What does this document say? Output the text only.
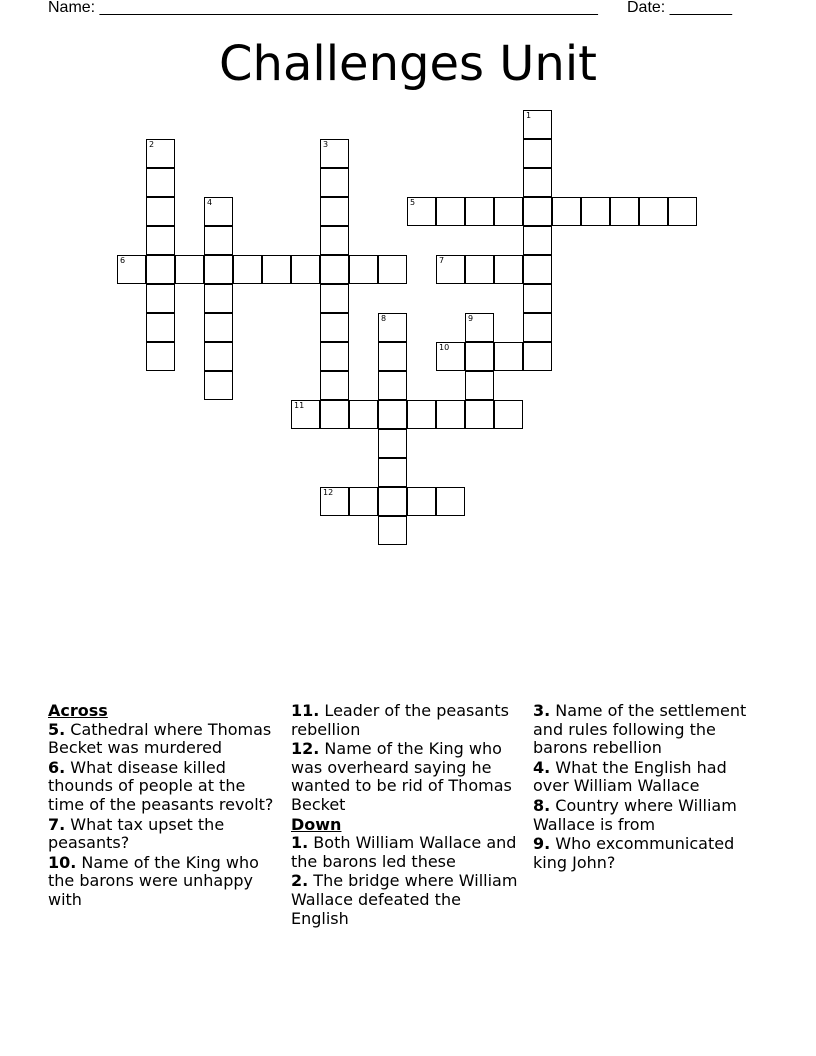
Name: ________________________________________________________ Date: _______
Challenges Unit
1
2	3
4	5
6	7
8	9
10
11
12
Across
5. Cathedral where Thomas Becket was murdered
6. What disease killed thounds of people at the time of the peasants revolt?
7. What tax upset the peasants?
10. Name of the King who the barons were unhappy with
11. Leader of the peasants rebellion
12. Name of the King who was overheard saying he wanted to be rid of Thomas Becket
Down
1. Both William Wallace and the barons led these
2. The bridge where William Wallace defeated the English
3. Name of the settlement and rules following the barons rebellion
4. What the English had over William Wallace
8. Country where William Wallace is from
9. Who excommunicated king John?
